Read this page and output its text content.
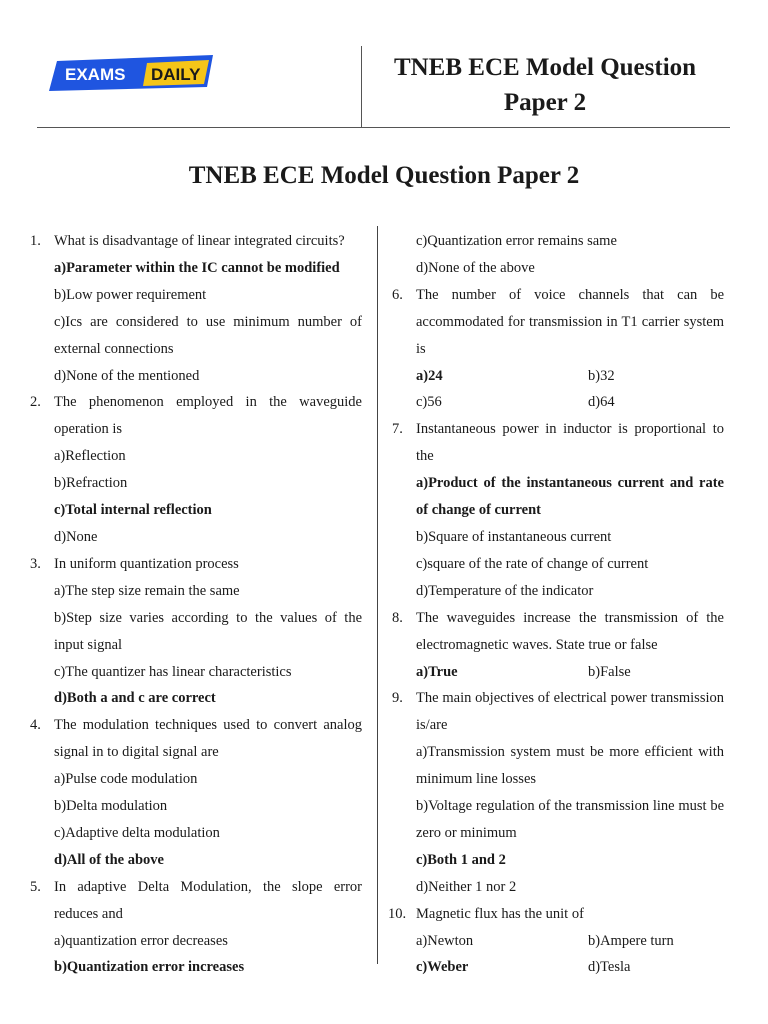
EXAMS DAILY	TNEB ECE Model Question
Paper 2
TNEB ECE Model Question Paper 2
1. What is disadvantage of linear integrated circuits?
a)Parameter within the IC cannot be modified
b)Low power requirement
c)Ics are considered to use minimum number of external connections
d)None of the mentioned
2. The phenomenon employed in the waveguide operation is
a)Reflection
b)Refraction
c)Total internal reflection
d)None
3. In uniform quantization process
a)The step size remain the same
b)Step size varies according to the values of the input signal
c)The quantizer has linear characteristics
d)Both a and c are correct
4. The modulation techniques used to convert analog signal in to digital signal are
a)Pulse code modulation
b)Delta modulation
c)Adaptive delta modulation
d)All of the above
5. In adaptive Delta Modulation, the slope error reduces and
a)quantization error decreases
b)Quantization error increases
c)Quantization error remains same
d)None of the above
6. The number of voice channels that can be accommodated for transmission in T1 carrier system is
a)24	b)32
c)56	d)64
7. Instantaneous power in inductor is proportional to the
a)Product of the instantaneous current and rate of change of current
b)Square of instantaneous current
c)square of the rate of change of current
d)Temperature of the indicator
8. The waveguides increase the transmission of the electromagnetic waves. State true or false
a)True	b)False
9. The main objectives of electrical power transmission is/are
a)Transmission system must be more efficient with minimum line losses
b)Voltage regulation of the transmission line must be zero or minimum
c)Both 1 and 2
d)Neither 1 nor 2
10. Magnetic flux has the unit of
a)Newton	b)Ampere turn
c)Weber	d)Tesla
